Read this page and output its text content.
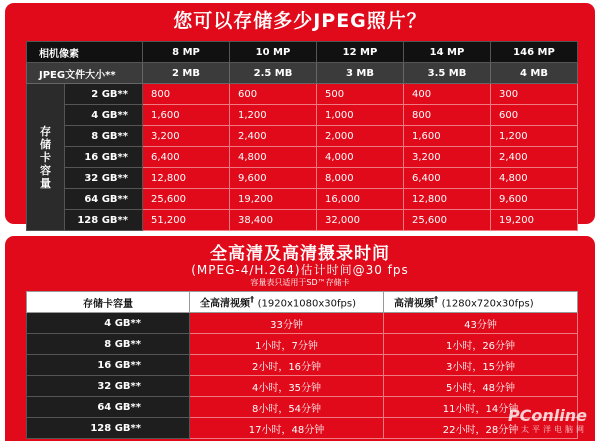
您可以存储多少JPEG照片？
相机像素		8 MP	10 MP	12 MP	14 MP	146 MP
JPEG文件大小**		2 MB	2.5 MB	3 MB	3.5 MB	4 MB
存
储
卡
容
量	2 GB**	800	600	500	400	300
	4 GB**	1,600	1,200	1,000	800	600
	8 GB**	3,200	2,400	2,000	1,600	1,200
	16 GB**	6,400	4,800	4,000	3,200	2,400
	32 GB**	12,800	9,600	8,000	6,400	4,800
	64 GB**	25,600	19,200	16,000	12,800	9,600
	128 GB**	51,200	38,400	32,000	25,600	19,200
全高清及高清摄录时间
(MPEG-4/H.264)估计时间@30 fps
容量表只适用于SD™存储卡
存储卡容量	全高清视频† (1920x1080x30fps)	高清视频† (1280x720x30fps)
4 GB**	33分钟	43分钟
8 GB**	1小时，7分钟	1小时，26分钟
16 GB**	2小时，16分钟	3小时，15分钟
32 GB**	4小时，35分钟	5小时，48分钟
64 GB**	8小时，54分钟	11小时，14分钟
128 GB**	17小时，48分钟	22小时，28分钟
PConline
太平洋电脑网
